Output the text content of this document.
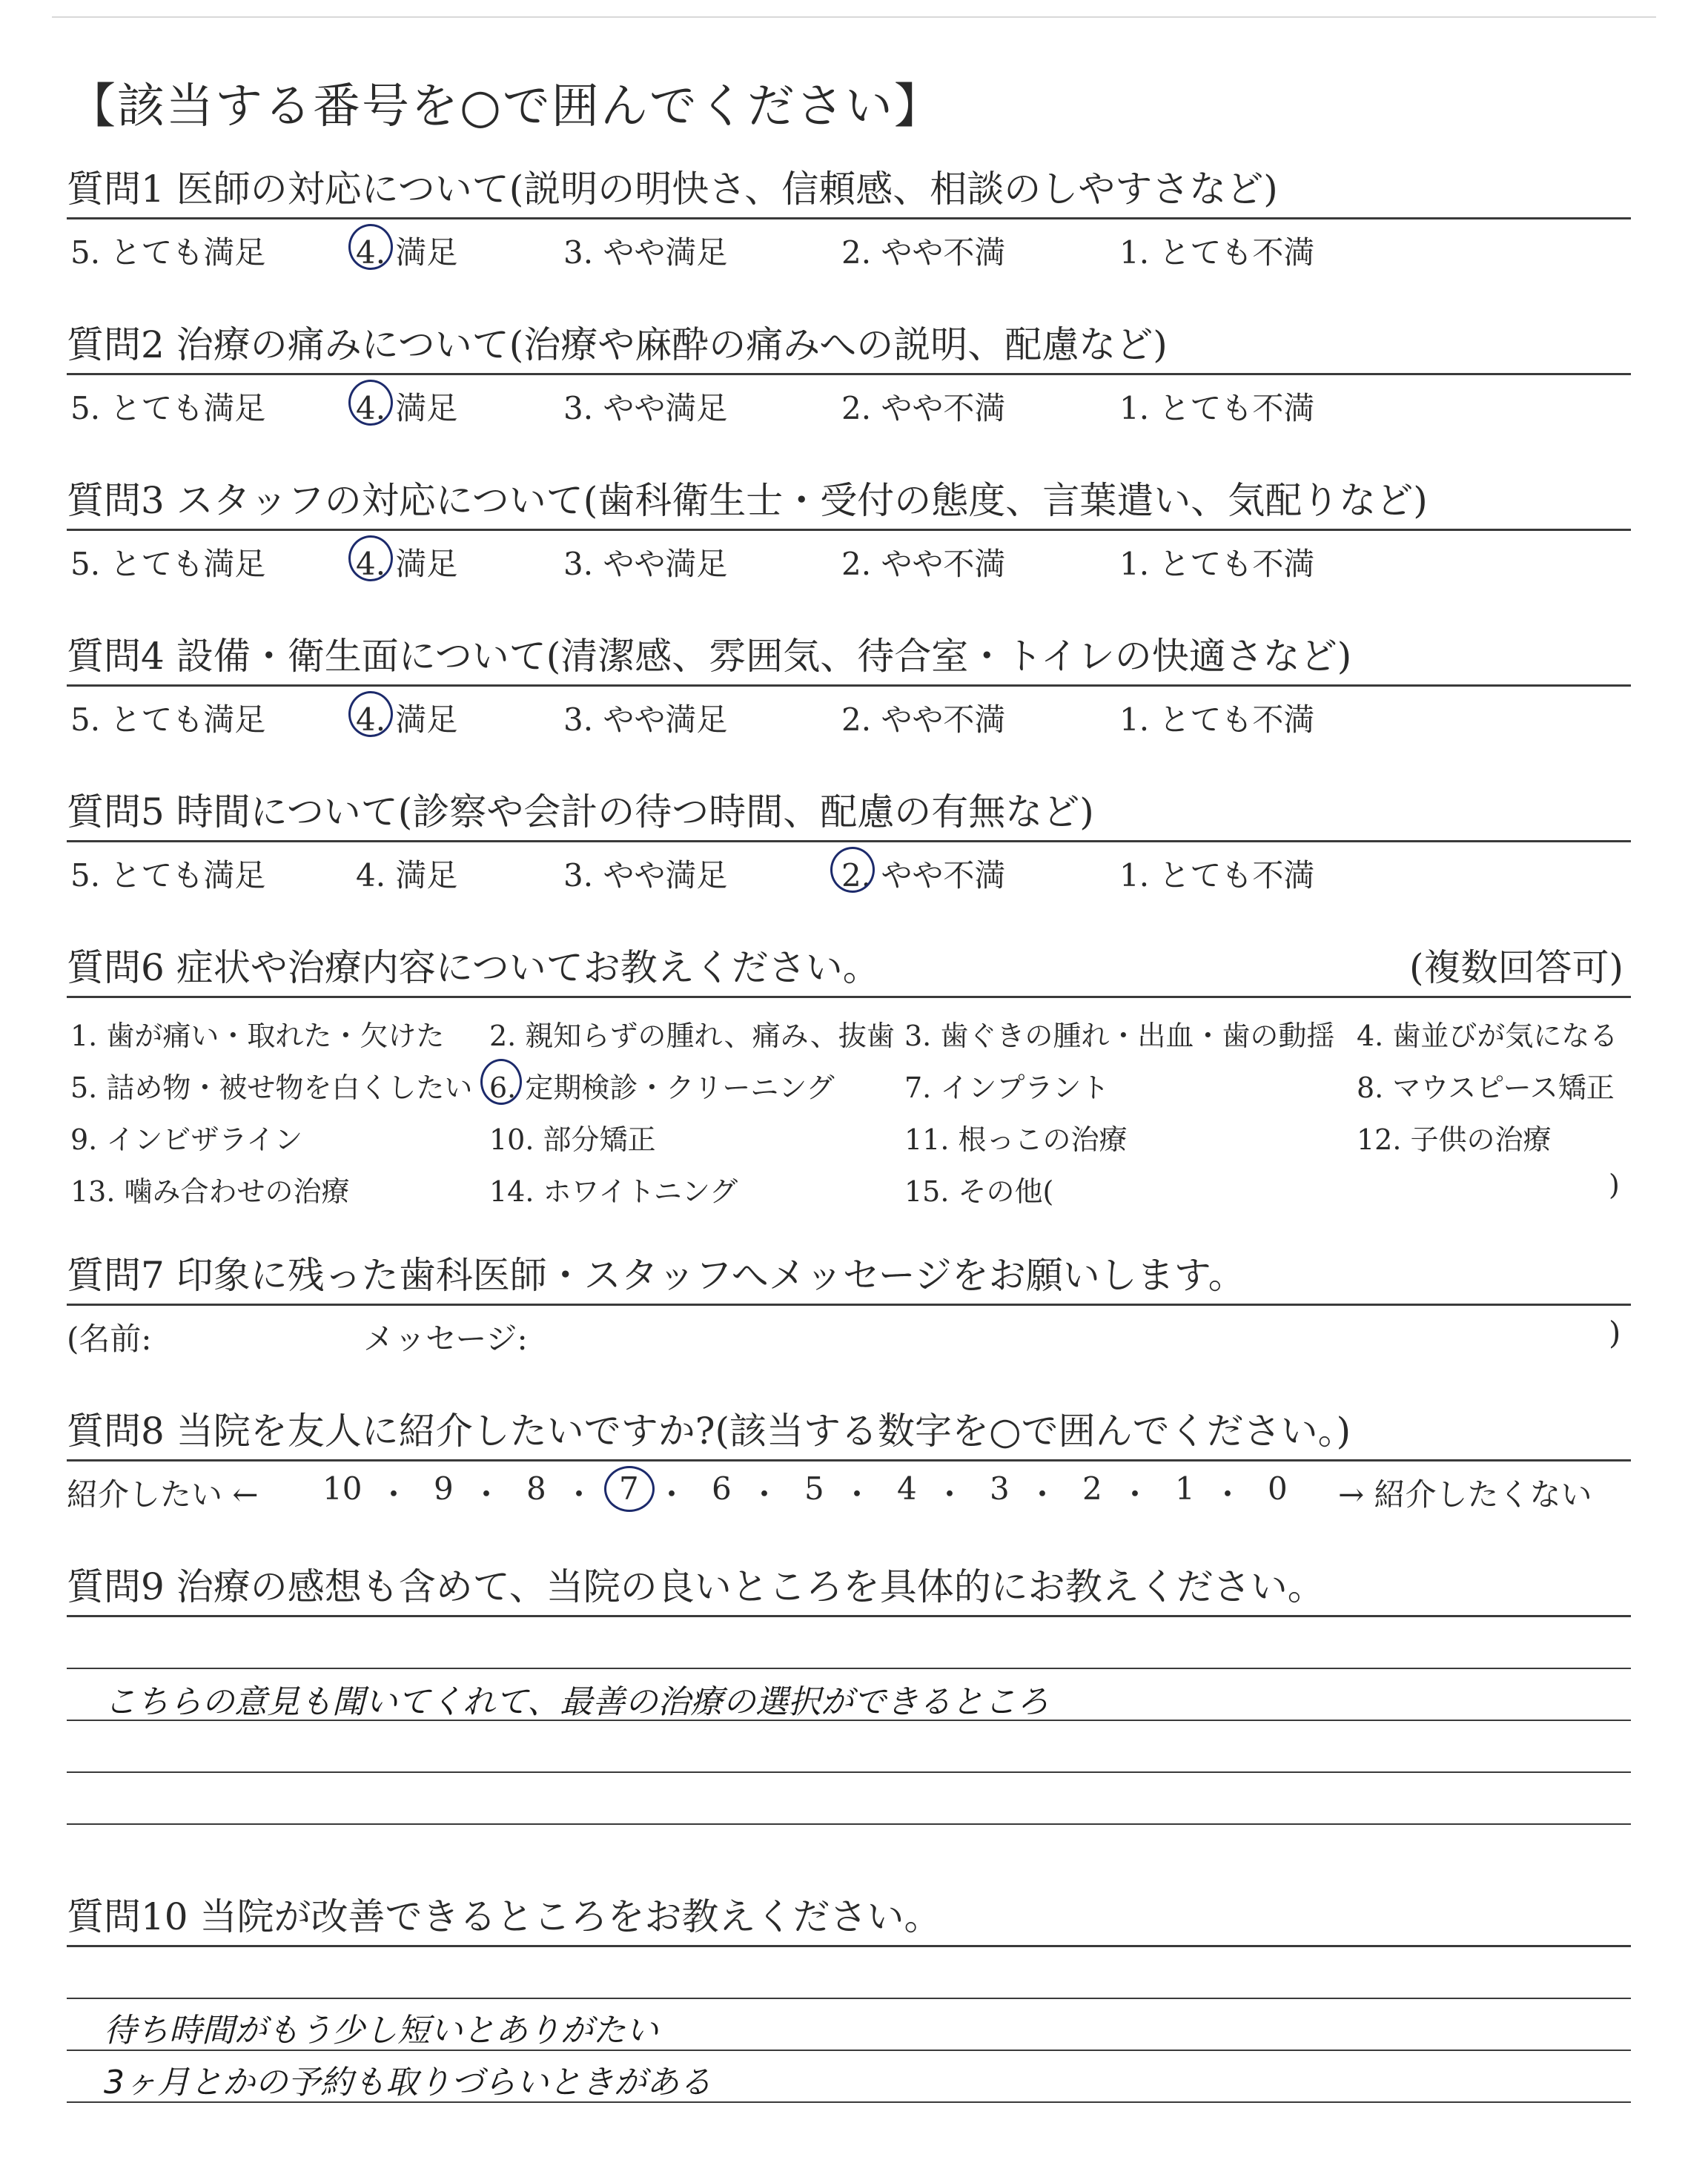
【該当する番号を○で囲んでください】
質問1 医師の対応について(説明の明快さ、信頼感、相談のしやすさなど)
5. とても満足	4. 満足	3. やや満足	2. やや不満	1. とても不満
質問2 治療の痛みについて(治療や麻酔の痛みへの説明、配慮など)
5. とても満足	4. 満足	3. やや満足	2. やや不満	1. とても不満
質問3 スタッフの対応について(歯科衛生士・受付の態度、言葉遣い、気配りなど)
5. とても満足	4. 満足	3. やや満足	2. やや不満	1. とても不満
質問4 設備・衛生面について(清潔感、雰囲気、待合室・トイレの快適さなど)
5. とても満足	4. 満足	3. やや満足	2. やや不満	1. とても不満
質問5 時間について(診察や会計の待つ時間、配慮の有無など)
5. とても満足	4. 満足	3. やや満足	2. やや不満	1. とても不満
質問6 症状や治療内容についてお教えください。	(複数回答可)
1. 歯が痛い・取れた・欠けた 2. 親知らずの腫れ、痛み、抜歯 3. 歯ぐきの腫れ・出血・歯の動揺 4. 歯並びが気になる
5. 詰め物・被せ物を白くしたい 6. 定期検診・クリーニング 7. インプラント	8. マウスピース矯正
9. インビザライン	10. 部分矯正	11. 根っこの治療	12. 子供の治療
13. 噛み合わせの治療	14. ホワイトニング	15. その他(	)
質問7 印象に残った歯科医師・スタッフへメッセージをお願いします。
(名前:	メッセージ:	)
質問8 当院を友人に紹介したいですか?(該当する数字を○で囲んでください。)
紹介したい ← 10 ・ 9 ・ 8 ・ 7 ・ 6 ・ 5 ・ 4 ・ 3 ・ 2 ・ 1 ・ 0 → 紹介したくない
質問9 治療の感想も含めて、当院の良いところを具体的にお教えください。
こちらの意見も聞いてくれて、最善の治療の選択ができるところ
質問10 当院が改善できるところをお教えください。
待ち時間がもう少し短いとありがたい
3ヶ月とかの予約も取りづらいときがある
